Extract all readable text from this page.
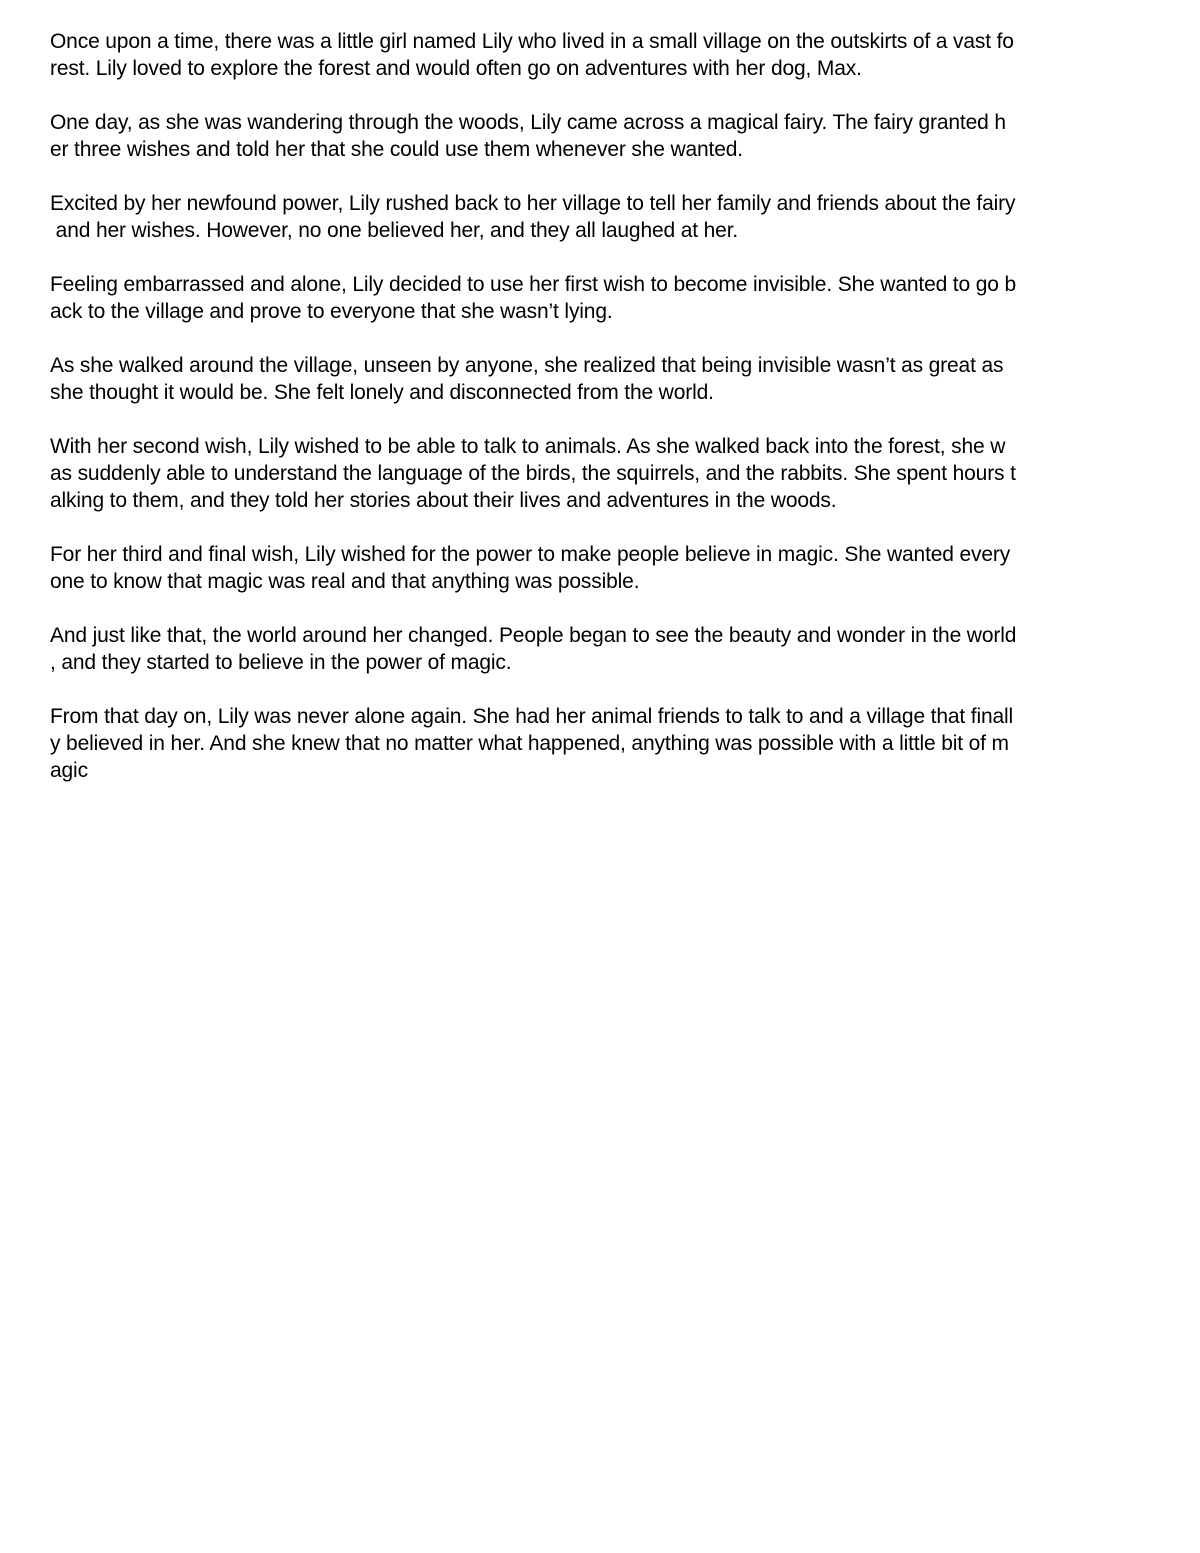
Once upon a time, there was a little girl named Lily who lived in a small village on the outskirts of a vast fo
rest. Lily loved to explore the forest and would often go on adventures with her dog, Max.

One day, as she was wandering through the woods, Lily came across a magical fairy. The fairy granted h
er three wishes and told her that she could use them whenever she wanted.

Excited by her newfound power, Lily rushed back to her village to tell her family and friends about the fairy
and her wishes. However, no one believed her, and they all laughed at her.

Feeling embarrassed and alone, Lily decided to use her first wish to become invisible. She wanted to go b
ack to the village and prove to everyone that she wasn’t lying.

As she walked around the village, unseen by anyone, she realized that being invisible wasn’t as great as
she thought it would be. She felt lonely and disconnected from the world.

With her second wish, Lily wished to be able to talk to animals. As she walked back into the forest, she w
as suddenly able to understand the language of the birds, the squirrels, and the rabbits. She spent hours t
alking to them, and they told her stories about their lives and adventures in the woods.

For her third and final wish, Lily wished for the power to make people believe in magic. She wanted every
one to know that magic was real and that anything was possible.

And just like that, the world around her changed. People began to see the beauty and wonder in the world
, and they started to believe in the power of magic.

From that day on, Lily was never alone again. She had her animal friends to talk to and a village that finall
y believed in her. And she knew that no matter what happened, anything was possible with a little bit of m
agic
